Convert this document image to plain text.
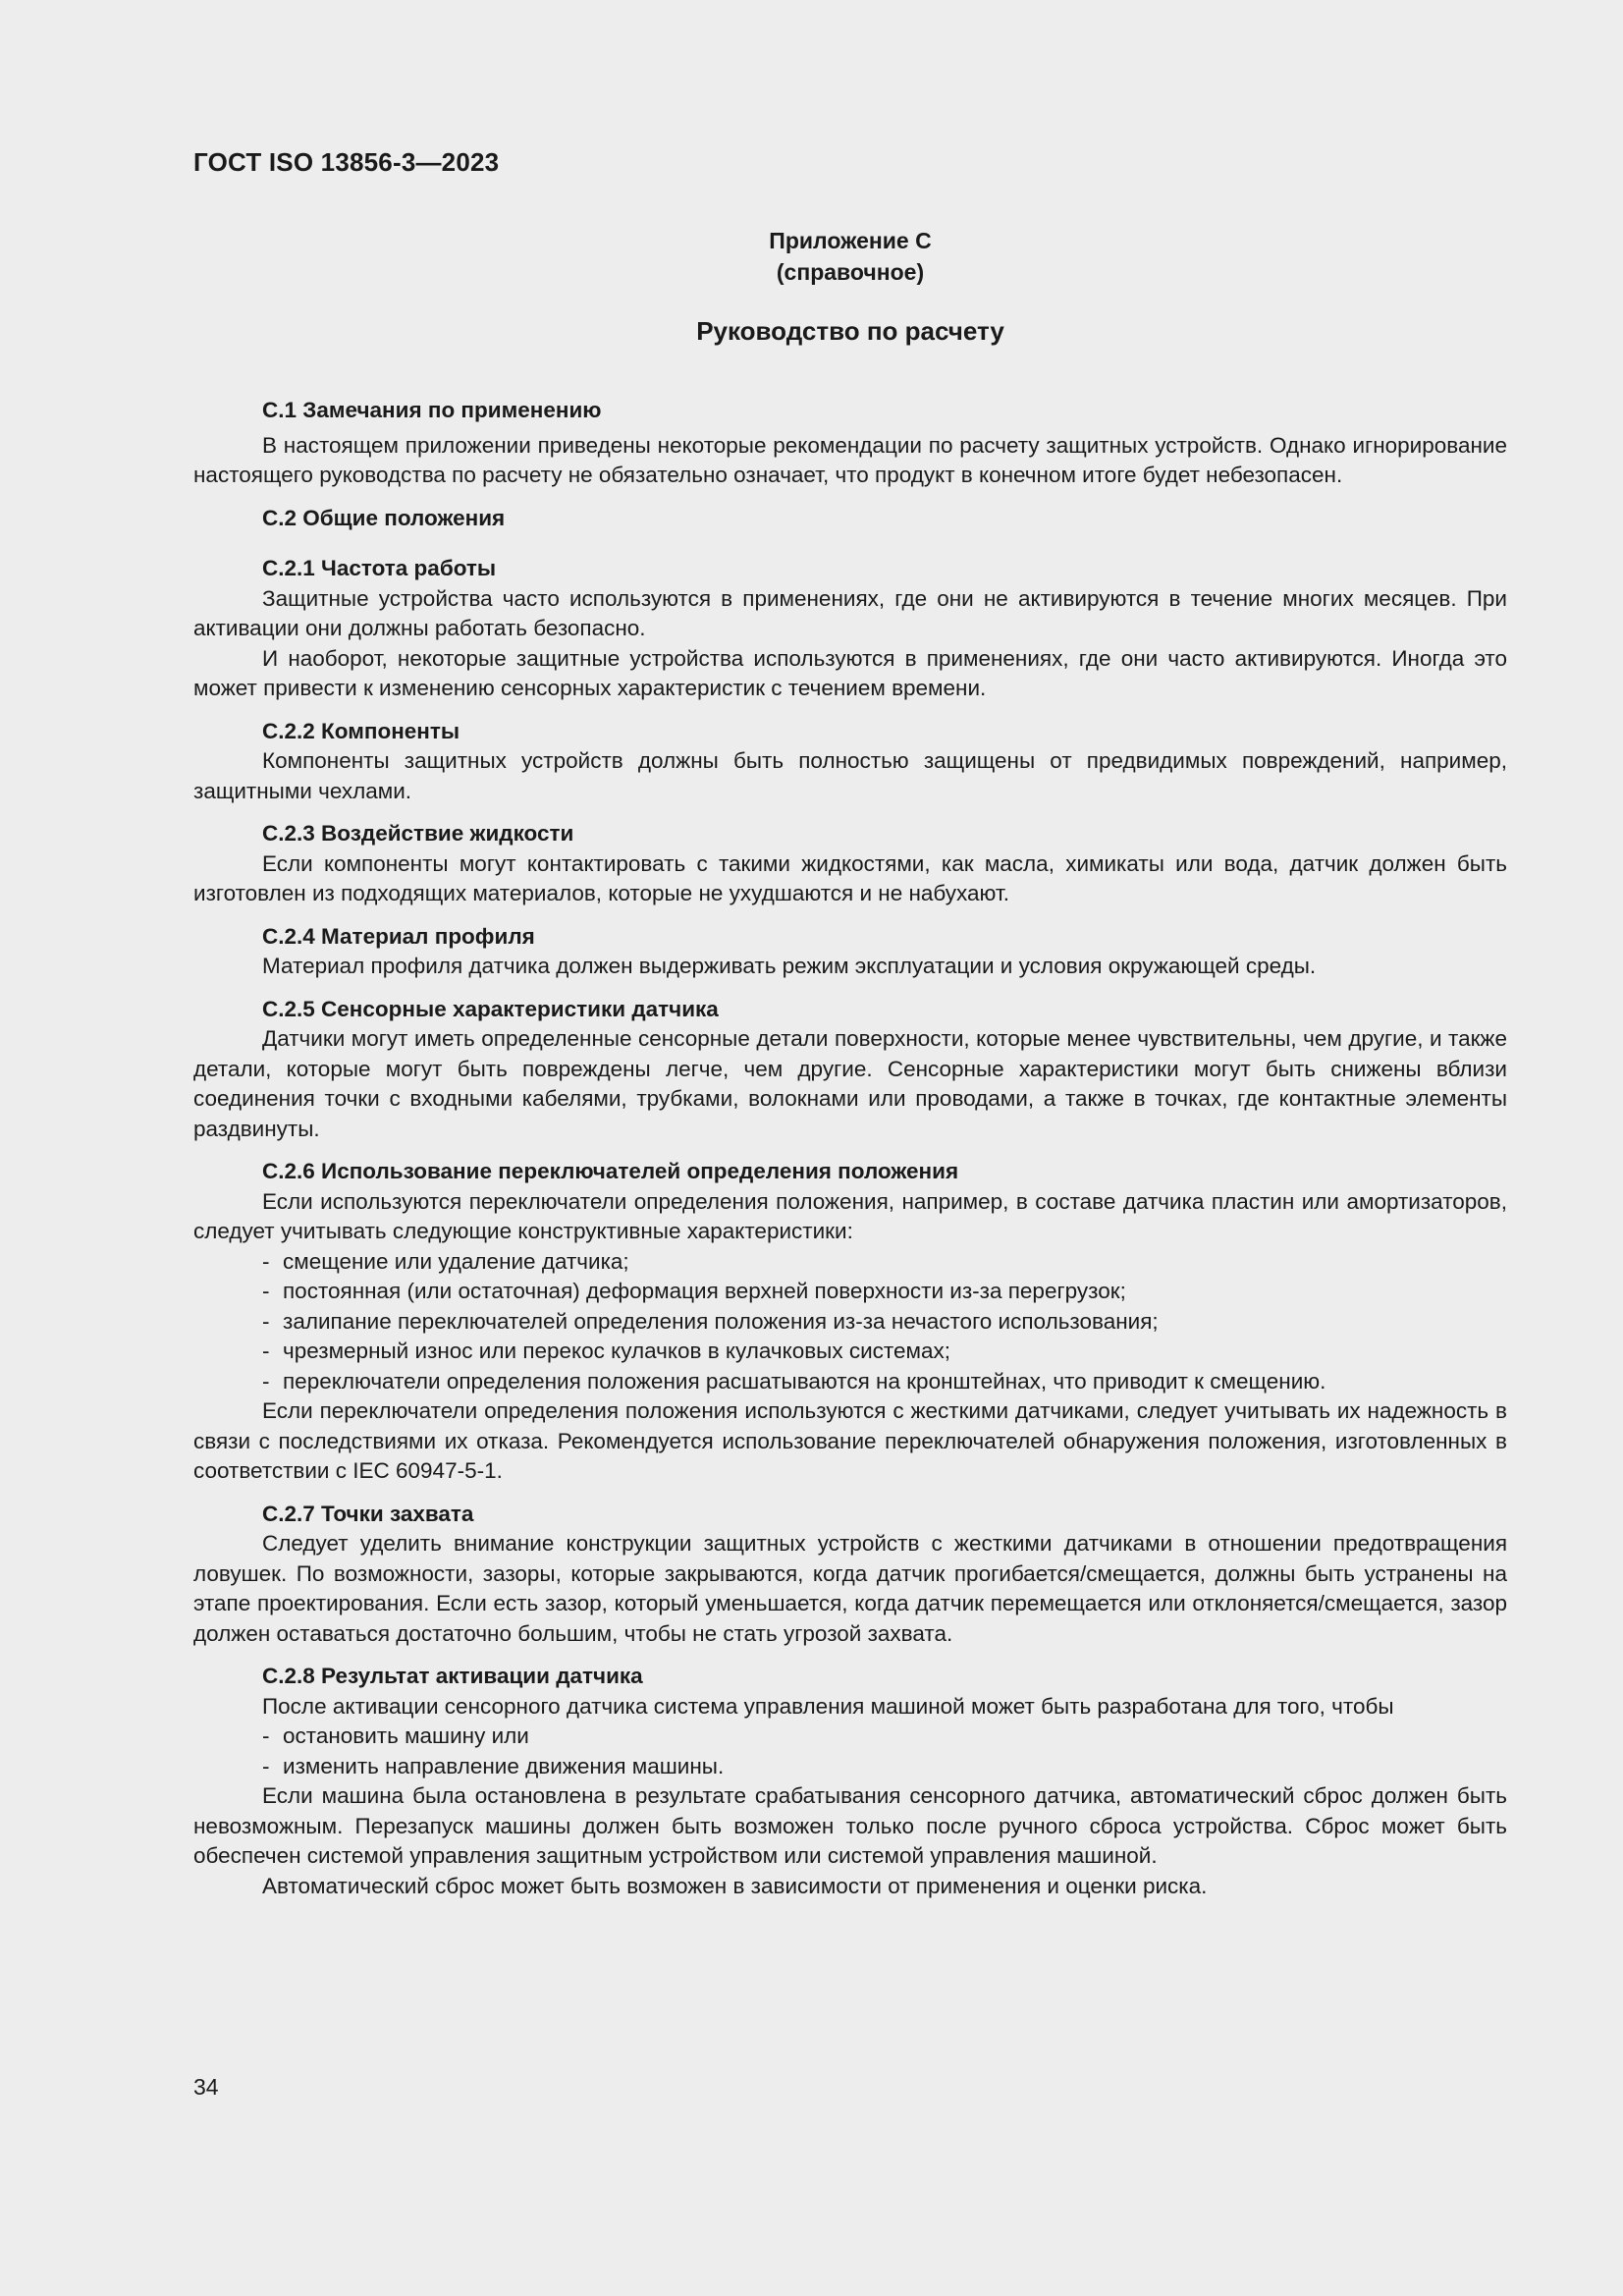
ГОСТ ISO 13856-3—2023
Приложение C
(справочное)
Руководство по расчету

C.1 Замечания по применению

В настоящем приложении приведены некоторые рекомендации по расчету защитных устройств. Однако игнорирование настоящего руководства по расчету не обязательно означает, что продукт в конечном итоге будет небезопасен.

C.2 Общие положения

C.2.1 Частота работы

Защитные устройства часто используются в применениях, где они не активируются в течение многих месяцев. При активации они должны работать безопасно.

И наоборот, некоторые защитные устройства используются в применениях, где они часто активируются. Иногда это может привести к изменению сенсорных характеристик с течением времени.

C.2.2 Компоненты

Компоненты защитных устройств должны быть полностью защищены от предвидимых повреждений, например, защитными чехлами.

C.2.3 Воздействие жидкости

Если компоненты могут контактировать с такими жидкостями, как масла, химикаты или вода, датчик должен быть изготовлен из подходящих материалов, которые не ухудшаются и не набухают.

C.2.4 Материал профиля

Материал профиля датчика должен выдерживать режим эксплуатации и условия окружающей среды.

C.2.5 Сенсорные характеристики датчика

Датчики могут иметь определенные сенсорные детали поверхности, которые менее чувствительны, чем другие, и также детали, которые могут быть повреждены легче, чем другие. Сенсорные характеристики могут быть снижены вблизи соединения точки с входными кабелями, трубками, волокнами или проводами, а также в точках, где контактные элементы раздвинуты.

C.2.6 Использование переключателей определения положения

Если используются переключатели определения положения, например, в составе датчика пластин или амортизаторов, следует учитывать следующие конструктивные характеристики:

- смещение или удаление датчика;

- постоянная (или остаточная) деформация верхней поверхности из-за перегрузок;

- залипание переключателей определения положения из-за нечастого использования;

- чрезмерный износ или перекос кулачков в кулачковых системах;

- переключатели определения положения расшатываются на кронштейнах, что приводит к смещению.

Если переключатели определения положения используются с жесткими датчиками, следует учитывать их надежность в связи с последствиями их отказа. Рекомендуется использование переключателей обнаружения положения, изготовленных в соответствии с IEC 60947-5-1.

C.2.7 Точки захвата

Следует уделить внимание конструкции защитных устройств с жесткими датчиками в отношении предотвращения ловушек. По возможности, зазоры, которые закрываются, когда датчик прогибается/смещается, должны быть устранены на этапе проектирования. Если есть зазор, который уменьшается, когда датчик перемещается или отклоняется/смещается, зазор должен оставаться достаточно большим, чтобы не стать угрозой захвата.

C.2.8 Результат активации датчика

После активации сенсорного датчика система управления машиной может быть разработана для того, чтобы

- остановить машину или

- изменить направление движения машины.

Если машина была остановлена в результате срабатывания сенсорного датчика, автоматический сброс должен быть невозможным. Перезапуск машины должен быть возможен только после ручного сброса устройства. Сброс может быть обеспечен системой управления защитным устройством или системой управления машиной.

Автоматический сброс может быть возможен в зависимости от применения и оценки риска.

34
